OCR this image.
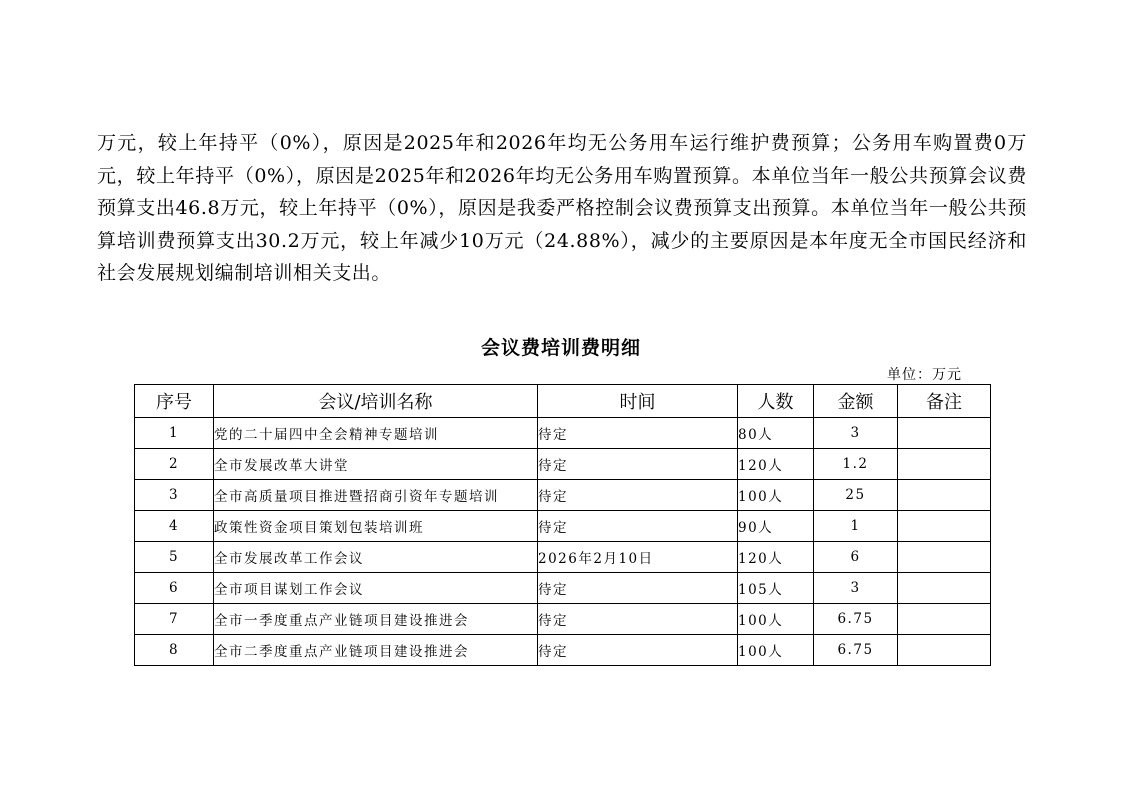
万元，较上年持平（0%），原因是2025年和2026年均无公务用车运行维护费预算；公务用车购置费0万元，较上年持平（0%），原因是2025年和2026年均无公务用车购置预算。本单位当年一般公共预算会议费预算支出46.8万元，较上年持平（0%），原因是我委严格控制会议费预算支出预算。本单位当年一般公共预算培训费预算支出30.2万元，较上年减少10万元（24.88%），减少的主要原因是本年度无全市国民经济和社会发展规划编制培训相关支出。

会议费培训费明细
单位：万元
序号	会议/培训名称	时间	人数	金额	备注
1	党的二十届四中全会精神专题培训	待定	80人	3	
2	全市发展改革大讲堂	待定	120人	1.2	
3	全市高质量项目推进暨招商引资年专题培训	待定	100人	25	
4	政策性资金项目策划包装培训班	待定	90人	1	
5	全市发展改革工作会议	2026年2月10日	120人	6	
6	全市项目谋划工作会议	待定	105人	3	
7	全市一季度重点产业链项目建设推进会	待定	100人	6.75	
8	全市二季度重点产业链项目建设推进会	待定	100人	6.75	
